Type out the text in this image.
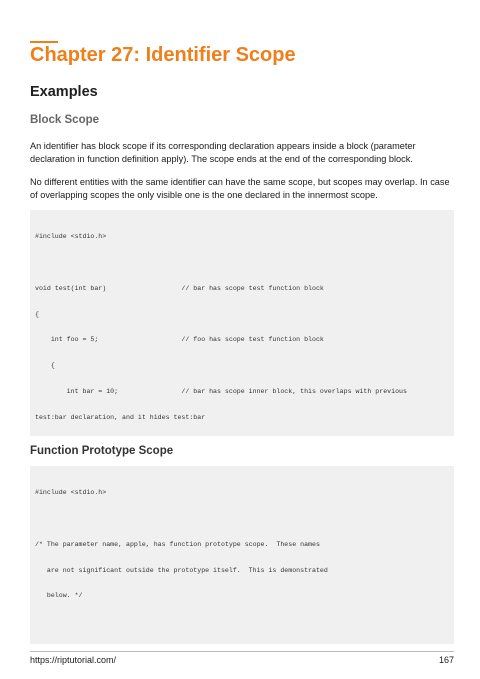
Chapter 27: Identifier Scope
Examples
Block Scope

An identifier has block scope if its corresponding declaration appears inside a block (parameter declaration in function definition apply). The scope ends at the end of the corresponding block.

No different entities with the same identifier can have the same scope, but scopes may overlap. In case of overlapping scopes the only visible one is the one declared in the innermost scope.

#include <stdio.h>

void test(int bar)                   // bar has scope test function block

{

int foo = 5;                     // foo has scope test function block

{

int bar = 10;                // bar has scope inner block, this overlaps with previous

test:bar declaration, and it hides test:bar

Function Prototype Scope

#include <stdio.h>

/* The parameter name, apple, has function prototype scope.  These names

are not significant outside the prototype itself.  This is demonstrated

below. */

https://riptutorial.com/	167
